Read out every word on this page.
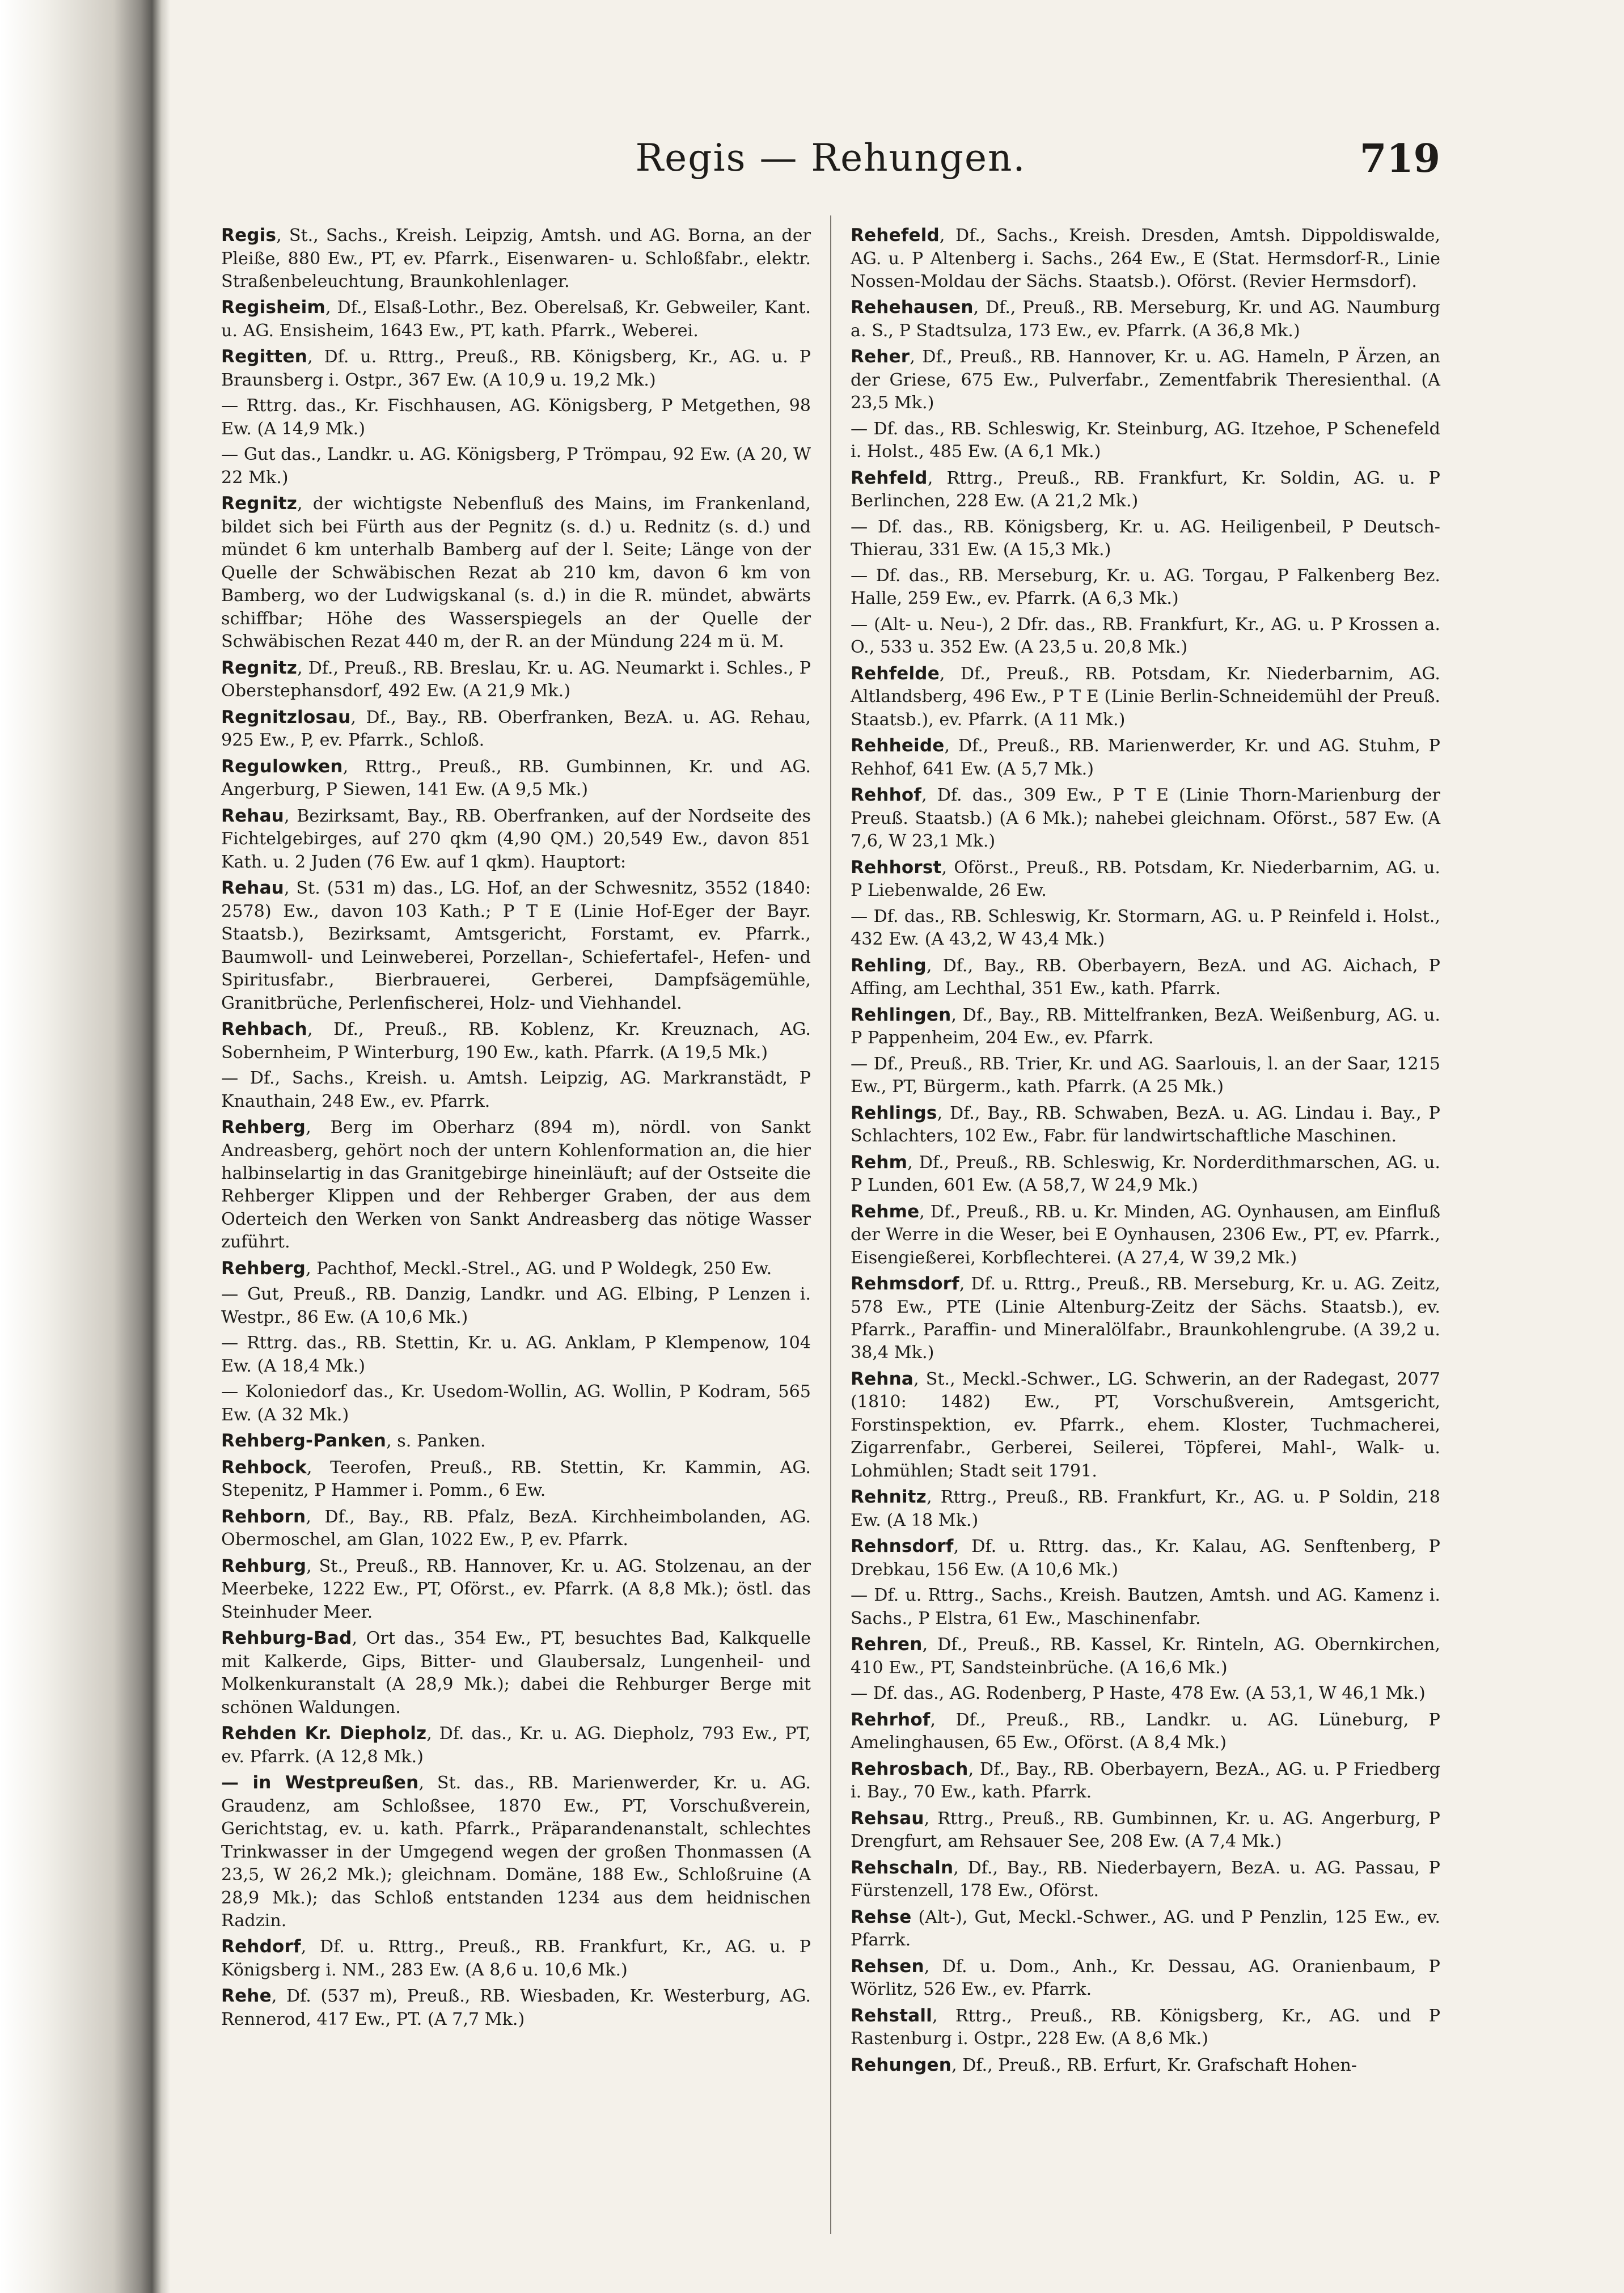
Regis — Rehungen.	719

Regis, St., Sachs., Kreish. Leipzig, Amtsh. und AG. Borna, an der Pleiße, 880 Ew., PT, ev. Pfarrk., Eisenwaren- u. Schloßfabr., elektr. Straßenbeleuchtung, Braunkohlenlager.

Regisheim, Df., Elsaß-Lothr., Bez. Oberelsaß, Kr. Gebweiler, Kant. u. AG. Ensisheim, 1643 Ew., PT, kath. Pfarrk., Weberei.

Regitten, Df. u. Rttrg., Preuß., RB. Königsberg, Kr., AG. u. P Braunsberg i. Ostpr., 367 Ew. (A 10,9 u. 19,2 Mk.)

— Rttrg. das., Kr. Fischhausen, AG. Königsberg, P Metgethen, 98 Ew. (A 14,9 Mk.)

— Gut das., Landkr. u. AG. Königsberg, P Trömpau, 92 Ew. (A 20, W 22 Mk.)

Regnitz, der wichtigste Nebenfluß des Mains, im Frankenland, bildet sich bei Fürth aus der Pegnitz (s. d.) u. Rednitz (s. d.) und mündet 6 km unterhalb Bamberg auf der l. Seite; Länge von der Quelle der Schwäbischen Rezat ab 210 km, davon 6 km von Bamberg, wo der Ludwigskanal (s. d.) in die R. mündet, abwärts schiffbar; Höhe des Wasserspiegels an der Quelle der Schwäbischen Rezat 440 m, der R. an der Mündung 224 m ü. M.

Regnitz, Df., Preuß., RB. Breslau, Kr. u. AG. Neumarkt i. Schles., P Oberstephansdorf, 492 Ew. (A 21,9 Mk.)

Regnitzlosau, Df., Bay., RB. Oberfranken, BezA. u. AG. Rehau, 925 Ew., P, ev. Pfarrk., Schloß.

Regulowken, Rttrg., Preuß., RB. Gumbinnen, Kr. und AG. Angerburg, P Siewen, 141 Ew. (A 9,5 Mk.)

Rehau, Bezirksamt, Bay., RB. Oberfranken, auf der Nordseite des Fichtelgebirges, auf 270 qkm (4,90 QM.) 20,549 Ew., davon 851 Kath. u. 2 Juden (76 Ew. auf 1 qkm). Hauptort:

Rehau, St. (531 m) das., LG. Hof, an der Schwesnitz, 3552 (1840: 2578) Ew., davon 103 Kath.; P T E (Linie Hof-Eger der Bayr. Staatsb.), Bezirksamt, Amtsgericht, Forstamt, ev. Pfarrk., Baumwoll- und Leinweberei, Porzellan-, Schiefertafel-, Hefen- und Spiritusfabr., Bierbrauerei, Gerberei, Dampfsägemühle, Granitbrüche, Perlenfischerei, Holz- und Viehhandel.

Rehbach, Df., Preuß., RB. Koblenz, Kr. Kreuznach, AG. Sobernheim, P Winterburg, 190 Ew., kath. Pfarrk. (A 19,5 Mk.)

— Df., Sachs., Kreish. u. Amtsh. Leipzig, AG. Markranstädt, P Knauthain, 248 Ew., ev. Pfarrk.

Rehberg, Berg im Oberharz (894 m), nördl. von Sankt Andreasberg, gehört noch der untern Kohlenformation an, die hier halbinselartig in das Granitgebirge hineinläuft; auf der Ostseite die Rehberger Klippen und der Rehberger Graben, der aus dem Oderteich den Werken von Sankt Andreasberg das nötige Wasser zuführt.

Rehberg, Pachthof, Meckl.-Strel., AG. und P Woldegk, 250 Ew.

— Gut, Preuß., RB. Danzig, Landkr. und AG. Elbing, P Lenzen i. Westpr., 86 Ew. (A 10,6 Mk.)

— Rttrg. das., RB. Stettin, Kr. u. AG. Anklam, P Klempenow, 104 Ew. (A 18,4 Mk.)

— Koloniedorf das., Kr. Usedom-Wollin, AG. Wollin, P Kodram, 565 Ew. (A 32 Mk.)

Rehberg-Panken, s. Panken.

Rehbock, Teerofen, Preuß., RB. Stettin, Kr. Kammin, AG. Stepenitz, P Hammer i. Pomm., 6 Ew.

Rehborn, Df., Bay., RB. Pfalz, BezA. Kirchheimbolanden, AG. Obermoschel, am Glan, 1022 Ew., P, ev. Pfarrk.

Rehburg, St., Preuß., RB. Hannover, Kr. u. AG. Stolzenau, an der Meerbeke, 1222 Ew., PT, Oförst., ev. Pfarrk. (A 8,8 Mk.); östl. das Steinhuder Meer.

Rehburg-Bad, Ort das., 354 Ew., PT, besuchtes Bad, Kalkquelle mit Kalkerde, Gips, Bitter- und Glaubersalz, Lungenheil- und Molkenkuranstalt (A 28,9 Mk.); dabei die Rehburger Berge mit schönen Waldungen.

Rehden Kr. Diepholz, Df. das., Kr. u. AG. Diepholz, 793 Ew., PT, ev. Pfarrk. (A 12,8 Mk.)

— in Westpreußen, St. das., RB. Marienwerder, Kr. u. AG. Graudenz, am Schloßsee, 1870 Ew., PT, Vorschußverein, Gerichtstag, ev. u. kath. Pfarrk., Präparandenanstalt, schlechtes Trinkwasser in der Umgegend wegen der großen Thonmassen (A 23,5, W 26,2 Mk.); gleichnam. Domäne, 188 Ew., Schloßruine (A 28,9 Mk.); das Schloß entstanden 1234 aus dem heidnischen Radzin.

Rehdorf, Df. u. Rttrg., Preuß., RB. Frankfurt, Kr., AG. u. P Königsberg i. NM., 283 Ew. (A 8,6 u. 10,6 Mk.)

Rehe, Df. (537 m), Preuß., RB. Wiesbaden, Kr. Westerburg, AG. Rennerod, 417 Ew., PT. (A 7,7 Mk.)

Rehefeld, Df., Sachs., Kreish. Dresden, Amtsh. Dippoldiswalde, AG. u. P Altenberg i. Sachs., 264 Ew., E (Stat. Hermsdorf-R., Linie Nossen-Moldau der Sächs. Staatsb.). Oförst. (Revier Hermsdorf).

Rehehausen, Df., Preuß., RB. Merseburg, Kr. und AG. Naumburg a. S., P Stadtsulza, 173 Ew., ev. Pfarrk. (A 36,8 Mk.)

Reher, Df., Preuß., RB. Hannover, Kr. u. AG. Hameln, P Ärzen, an der Griese, 675 Ew., Pulverfabr., Zementfabrik Theresienthal. (A 23,5 Mk.)

— Df. das., RB. Schleswig, Kr. Steinburg, AG. Itzehoe, P Schenefeld i. Holst., 485 Ew. (A 6,1 Mk.)

Rehfeld, Rttrg., Preuß., RB. Frankfurt, Kr. Soldin, AG. u. P Berlinchen, 228 Ew. (A 21,2 Mk.)

— Df. das., RB. Königsberg, Kr. u. AG. Heiligenbeil, P Deutsch-Thierau, 331 Ew. (A 15,3 Mk.)

— Df. das., RB. Merseburg, Kr. u. AG. Torgau, P Falkenberg Bez. Halle, 259 Ew., ev. Pfarrk. (A 6,3 Mk.)

— (Alt- u. Neu-), 2 Dfr. das., RB. Frankfurt, Kr., AG. u. P Krossen a. O., 533 u. 352 Ew. (A 23,5 u. 20,8 Mk.)

Rehfelde, Df., Preuß., RB. Potsdam, Kr. Niederbarnim, AG. Altlandsberg, 496 Ew., P T E (Linie Berlin-Schneidemühl der Preuß. Staatsb.), ev. Pfarrk. (A 11 Mk.)

Rehheide, Df., Preuß., RB. Marienwerder, Kr. und AG. Stuhm, P Rehhof, 641 Ew. (A 5,7 Mk.)

Rehhof, Df. das., 309 Ew., P T E (Linie Thorn-Marienburg der Preuß. Staatsb.) (A 6 Mk.); nahebei gleichnam. Oförst., 587 Ew. (A 7,6, W 23,1 Mk.)

Rehhorst, Oförst., Preuß., RB. Potsdam, Kr. Niederbarnim, AG. u. P Liebenwalde, 26 Ew.

— Df. das., RB. Schleswig, Kr. Stormarn, AG. u. P Reinfeld i. Holst., 432 Ew. (A 43,2, W 43,4 Mk.)

Rehling, Df., Bay., RB. Oberbayern, BezA. und AG. Aichach, P Affing, am Lechthal, 351 Ew., kath. Pfarrk.

Rehlingen, Df., Bay., RB. Mittelfranken, BezA. Weißenburg, AG. u. P Pappenheim, 204 Ew., ev. Pfarrk.

— Df., Preuß., RB. Trier, Kr. und AG. Saarlouis, l. an der Saar, 1215 Ew., PT, Bürgerm., kath. Pfarrk. (A 25 Mk.)

Rehlings, Df., Bay., RB. Schwaben, BezA. u. AG. Lindau i. Bay., P Schlachters, 102 Ew., Fabr. für landwirtschaftliche Maschinen.

Rehm, Df., Preuß., RB. Schleswig, Kr. Norderdithmarschen, AG. u. P Lunden, 601 Ew. (A 58,7, W 24,9 Mk.)

Rehme, Df., Preuß., RB. u. Kr. Minden, AG. Oynhausen, am Einfluß der Werre in die Weser, bei E Oynhausen, 2306 Ew., PT, ev. Pfarrk., Eisengießerei, Korbflechterei. (A 27,4, W 39,2 Mk.)

Rehmsdorf, Df. u. Rttrg., Preuß., RB. Merseburg, Kr. u. AG. Zeitz, 578 Ew., PTE (Linie Altenburg-Zeitz der Sächs. Staatsb.), ev. Pfarrk., Paraffin- und Mineralölfabr., Braunkohlengrube. (A 39,2 u. 38,4 Mk.)

Rehna, St., Meckl.-Schwer., LG. Schwerin, an der Radegast, 2077 (1810: 1482) Ew., PT, Vorschußverein, Amtsgericht, Forstinspektion, ev. Pfarrk., ehem. Kloster, Tuchmacherei, Zigarrenfabr., Gerberei, Seilerei, Töpferei, Mahl-, Walk- u. Lohmühlen; Stadt seit 1791.

Rehnitz, Rttrg., Preuß., RB. Frankfurt, Kr., AG. u. P Soldin, 218 Ew. (A 18 Mk.)

Rehnsdorf, Df. u. Rttrg. das., Kr. Kalau, AG. Senftenberg, P Drebkau, 156 Ew. (A 10,6 Mk.)

— Df. u. Rttrg., Sachs., Kreish. Bautzen, Amtsh. und AG. Kamenz i. Sachs., P Elstra, 61 Ew., Maschinenfabr.

Rehren, Df., Preuß., RB. Kassel, Kr. Rinteln, AG. Obernkirchen, 410 Ew., PT, Sandsteinbrüche. (A 16,6 Mk.)

— Df. das., AG. Rodenberg, P Haste, 478 Ew. (A 53,1, W 46,1 Mk.)

Rehrhof, Df., Preuß., RB., Landkr. u. AG. Lüneburg, P Amelinghausen, 65 Ew., Oförst. (A 8,4 Mk.)

Rehrosbach, Df., Bay., RB. Oberbayern, BezA., AG. u. P Friedberg i. Bay., 70 Ew., kath. Pfarrk.

Rehsau, Rttrg., Preuß., RB. Gumbinnen, Kr. u. AG. Angerburg, P Drengfurt, am Rehsauer See, 208 Ew. (A 7,4 Mk.)

Rehschaln, Df., Bay., RB. Niederbayern, BezA. u. AG. Passau, P Fürstenzell, 178 Ew., Oförst.

Rehse (Alt-), Gut, Meckl.-Schwer., AG. und P Penzlin, 125 Ew., ev. Pfarrk.

Rehsen, Df. u. Dom., Anh., Kr. Dessau, AG. Oranienbaum, P Wörlitz, 526 Ew., ev. Pfarrk.

Rehstall, Rttrg., Preuß., RB. Königsberg, Kr., AG. und P Rastenburg i. Ostpr., 228 Ew. (A 8,6 Mk.)

Rehungen, Df., Preuß., RB. Erfurt, Kr. Grafschaft Hohen-
